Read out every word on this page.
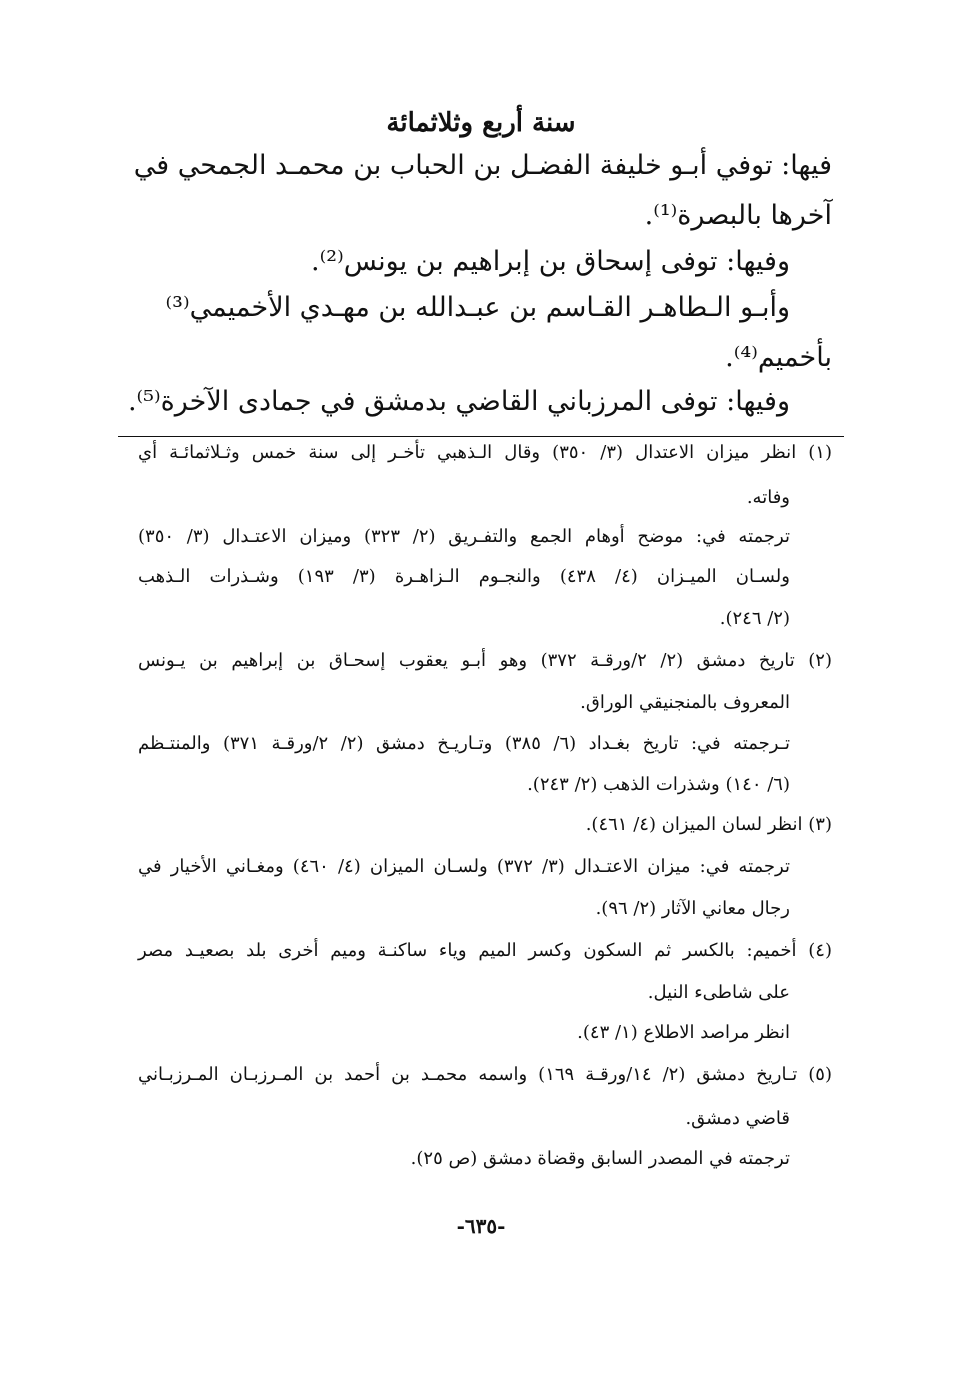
سنة أربع وثلاثمائة
فيها: توفي أبـو خليفة الفضـل بن الحباب بن محمـد الجمحي في
آخرها بالبصرة⁽¹⁾.
وفيها: توفى إسحاق بن إبراهيم بن يونس⁽²⁾.
وأبـو الـطاهـر القـاسم بن عبـدالله بن مهـدي الأخميمي⁽³⁾
بأخميم⁽⁴⁾.
وفيها: توفى المرزباني القاضي بدمشق في جمادى الآخرة⁽⁵⁾.
(١) انظر ميزان الاعتدال (٣/ ٣٥٠) وقال الـذهبي تأخـر إلى سنة خمس وثـلاثمائـة أي
وفاته.
ترجمته في: موضح أوهام الجمع والتفـريق (٢/ ٣٢٣) وميزان الاعتـدال (٣/ ٣٥٠)
ولسـان الميـزان (٤/ ٤٣٨) والنجـوم الـزاهـرة (٣/ ١٩٣) وشـذرات الـذهب
(٢/ ٢٤٦).
(٢) تاريخ دمشق (٢/ ٢/ورقـة ٣٧٢) وهو أبـو يعقوب إسحـاق بن إبراهيم بن يـونس
المعروف بالمنجنيقي الوراق.
تـرجمته في: تاريخ بغـداد (٦/ ٣٨٥) وتـاريـخ دمشق (٢/ ٢/ورقـة ٣٧١) والمنتـظم
(٦/ ١٤٠) وشذرات الذهب (٢/ ٢٤٣).
(٣) انظر لسان الميزان (٤/ ٤٦١).
ترجمته في: ميزان الاعتـدال (٣/ ٣٧٢) ولسـان الميزان (٤/ ٤٦٠) ومغـاني الأخيار في
رجال معاني الآثار (٢/ ٩٦).
(٤) أخميم: بالكسر ثم السكون وكسر الميم وياء ساكنـة وميم أخرى بلد بصعيـد مصر
على شاطىء النيل.
انظر مراصد الاطلاع (١/ ٤٣).
(٥) تـاريخ دمشق (٢/ ١٤/ورقـة ١٦٩) واسمه محمـد بن أحمد بن المـرزبـان المـرزبـاني
قاضي دمشق.
ترجمته في المصدر السابق وقضاة دمشق (ص ٢٥).
-٦٣٥-
